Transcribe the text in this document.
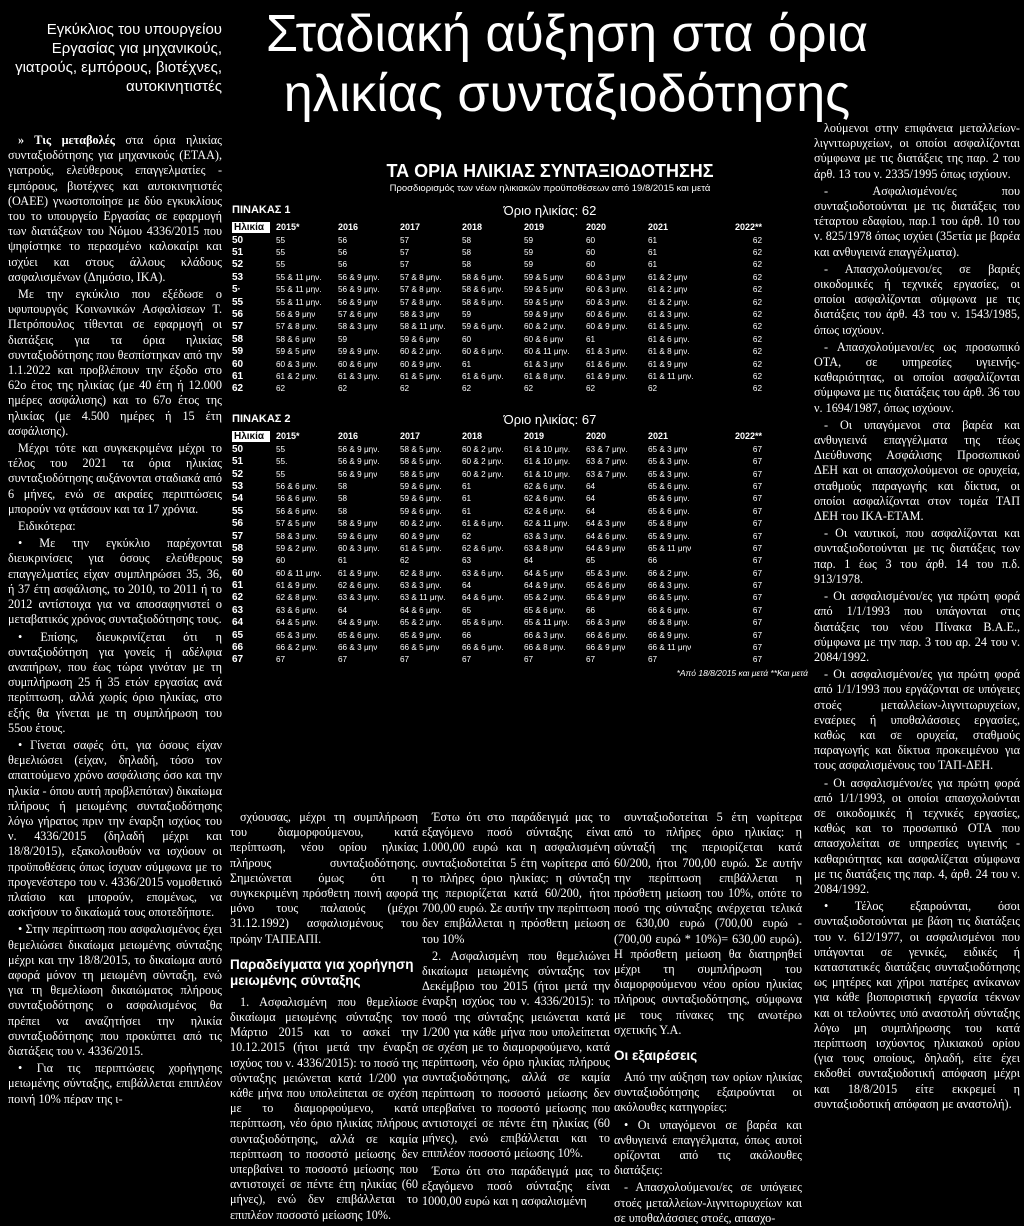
Εγκύκλιος του υπουργείου Εργασίας για μηχανικούς, γιατρούς, εμπόρους, βιοτέχνες, αυτοκινητιστές
Σταδιακή αύξηση στα όρια ηλικίας συνταξιοδότησης

» Τις μεταβολές στα όρια ηλικίας συνταξιοδότησης για μηχανικούς (ΕΤΑΑ), γιατρούς, ελεύθερους επαγγελματίες - εμπόρους, βιοτέχνες και αυτοκινητιστές (ΟΑΕΕ) γνωστοποίησε με δύο εγκυκλίους του το υπουργείο Εργασίας σε εφαρμογή των διατάξεων του Νόμου 4336/2015 που ψηφίστηκε το περασμένο καλοκαίρι και ισχύει και στους άλλους κλάδους ασφαλισμένων (Δημόσιο, ΙΚΑ).

Με την εγκύκλιο που εξέδωσε ο υφυπουργός Κοινωνικών Ασφαλίσεων Τ. Πετρόπουλος τίθενται σε εφαρμογή οι διατάξεις για τα όρια ηλικίας συνταξιοδότησης που θεσπίστηκαν από την 1.1.2022 και προβλέπουν την έξοδο στο 62ο έτος της ηλικίας (με 40 έτη ή 12.000 ημέρες ασφάλισης) και το 67ο έτος της ηλικίας (με 4.500 ημέρες ή 15 έτη ασφάλισης).

Μέχρι τότε και συγκεκριμένα μέχρι το τέλος του 2021 τα όρια ηλικίας συνταξιοδότησης αυξάνονται σταδιακά από 6 μήνες, ενώ σε ακραίες περιπτώσεις μπορούν να φτάσουν και τα 17 χρόνια.

Ειδικότερα:

• Με την εγκύκλιο παρέχονται διευκρινίσεις για όσους ελεύθερους επαγγελματίες είχαν συμπληρώσει 35, 36, ή 37 έτη ασφάλισης, το 2010, το 2011 ή το 2012 αντίστοιχα για να αποσαφηνιστεί ο μεταβατικός χρόνος συνταξιοδότησης τους.

• Επίσης, διευκρινίζεται ότι η συνταξιοδότηση για γονείς ή αδέλφια αναπήρων, που έως τώρα γινόταν με τη συμπλήρωση 25 ή 35 ετών εργασίας ανά περίπτωση, αλλά χωρίς όριο ηλικίας, στο εξής θα γίνεται με τη συμπλήρωση του 55ου έτους.

• Γίνεται σαφές ότι, για όσους είχαν θεμελιώσει (είχαν, δηλαδή, τόσο τον απαιτούμενο χρόνο ασφάλισης όσο και την ηλικία - όπου αυτή προβλεπόταν) δικαίωμα πλήρους ή μειωμένης συνταξιοδότησης λόγω γήρατος πριν την έναρξη ισχύος του ν. 4336/2015 (δηλαδή μέχρι και 18/8/2015), εξακολουθούν να ισχύουν οι προϋποθέσεις όπως ίσχυαν σύμφωνα με το προγενέστερο του ν. 4336/2015 νομοθετικό πλαίσιο και μπορούν, επομένως, να ασκήσουν το δικαίωμά τους οποτεδήποτε.

• Στην περίπτωση που ασφαλισμένος έχει θεμελιώσει δικαίωμα μειωμένης σύνταξης μέχρι και την 18/8/2015, το δικαίωμα αυτό αφορά μόνον τη μειωμένη σύνταξη, ενώ για τη θεμελίωση δικαιώματος πλήρους συνταξιοδότησης ο ασφαλισμένος θα πρέπει να αναζητήσει την ηλικία συνταξιοδότησης που προκύπτει από τις διατάξεις του ν. 4336/2015.

• Για τις περιπτώσεις χορήγησης μειωμένης σύνταξης, επιβάλλεται επιπλέον ποινή 10% πέραν της ι-

ΤΑ ΟΡΙΑ ΗΛΙΚΙΑΣ ΣΥΝΤΑΞΙΟΔΟΤΗΣΗΣ
Προσδιορισμός των νέων ηλικιακών προϋποθέσεων από 19/8/2015 και μετά
ΠΙΝΑΚΑΣ 1	Όριο ηλικίας: 62
Ηλικία	2015*	2016	2017	2018	2019	2020	2021	2022**
50	55	56	57	58	59	60	61	62
51	55	56	57	58	59	60	61	62
52	55	56	57	58	59	60	61	62
53	55 & 11 μην.	56 & 9 μην.	57 & 8 μην.	58 & 6 μην.	59 & 5 μην	60 & 3 μην	61 & 2 μην	62
5·	55 & 11 μην.	56 & 9 μην.	57 & 8 μην.	58 & 6 μην.	59 & 5 μην	60 & 3 μην.	61 & 2 μην	62
55	55 & 11 μην.	56 & 9 μην	57 & 8 μην.	58 & 6 μην.	59 & 5 μην	60 & 3 μην.	61 & 2 μην.	62
56	56 & 9 μην	57 & 6 μην	58 & 3 μην	59	59 & 9 μην	60 & 6 μην.	61 & 3 μην.	62
57	57 & 8 μην.	58 & 3 μην	58 & 11 μην.	59 & 6 μην.	60 & 2 μην.	60 & 9 μην.	61 & 5 μην.	62
58	58 & 6 μην	59	59 & 6 μην	60	60 & 6 μην	61	61 & 6 μην.	62
59	59 & 5 μην	59 & 9 μην.	60 & 2 μην.	60 & 6 μην.	60 & 11 μην.	61 & 3 μην.	61 & 8 μην.	62
60	60 & 3 μην.	60 & 6 μην	60 & 9 μην.	61	61 & 3 μην	61 & 6 μην.	61 & 9 μην	62
61	61 & 2 μην.	61 & 3 μην.	61 & 5 μην.	61 & 6 μην.	61 & 8 μην.	61 & 9 μην.	61 & 11 μην.	62
62	62	62	62	62	62	62	62	62
ΠΙΝΑΚΑΣ 2	Όριο ηλικίας: 67
Ηλικία	2015*	2016	2017	2018	2019	2020	2021	2022**
50	55	56 & 9 μην.	58 & 5 μην.	60 & 2 μην.	61 & 10 μην.	63 & 7 μην.	65 & 3 μην	67
51	55.	56 & 9 μην.	58 & 5 μην.	60 & 2 μην.	61 & 10 μην.	63 & 7 μην.	65 & 3 μην.	67
52	55	56 & 9 μην	58 & 5 μην	60 & 2 μην.	61 & 10 μην.	63 & 7 μην.	65 & 3 μην.	67
53	56 & 6 μην.	58	59 & 6 μην.	61	62 & 6 μην.	64	65 & 6 μην.	67
54	56 & 6 μην.	58	59 & 6 μην.	61	62 & 6 μην.	64	65 & 6 μην.	67
55	56 & 6 μην.	58	59 & 6 μην.	61	62 & 6 μην.	64	65 & 6 μην.	67
56	57 & 5 μην	58 & 9 μην	60 & 2 μην.	61 & 6 μην.	62 & 11 μην.	64 & 3 μην	65 & 8 μην	67
57	58 & 3 μην.	59 & 6 μην	60 & 9 μην	62	63 & 3 μην.	64 & 6 μην.	65 & 9 μην.	67
58	59 & 2 μην.	60 & 3 μην.	61 & 5 μην.	62 & 6 μην.	63 & 8 μην	64 & 9 μην	65 & 11 μην	67
59	60	61	62	63	64	65	66	67
60	60 & 11 μην.	61 & 9 μην.	62 & 8 μην.	63 & 6 μην.	64 & 5 μην	65 & 3 μην.	66 & 2 μην.	67
61	61 & 9 μην.	62 & 6 μην.	63 & 3 μην.	64	64 & 9 μην.	65 & 6 μην	66 & 3 μην.	67
62	62 & 8 μην.	63 & 3 μην.	63 & 11 μην.	64 & 6 μην.	65 & 2 μην.	65 & 9 μην	66 & 5 μην.	67
63	63 & 6 μην.	64	64 & 6 μην.	65	65 & 6 μην.	66	66 & 6 μην.	67
64	64 & 5 μην.	64 & 9 μην.	65 & 2 μην.	65 & 6 μην.	65 & 11 μην.	66 & 3 μην	66 & 8 μην.	67
65	65 & 3 μην.	65 & 6 μην.	65 & 9 μην.	66	66 & 3 μην.	66 & 6 μην.	66 & 9 μην.	67
66	66 & 2 μην.	66 & 3 μην	66 & 5 μην	66 & 6 μην.	66 & 8 μην.	66 & 9 μην	66 & 11 μην	67
67	67	67	67	67	67	67	67	67
*Από 18/8/2015 και μετά **Και μετά

σχύουσας, μέχρι τη συμπλήρωση του διαμορφούμενου, κατά περίπτωση, νέου ορίου ηλικίας πλήρους συνταξιοδότησης. Σημειώνεται όμως ότι η συγκεκριμένη πρόσθετη ποινή αφορά μόνο τους παλαιούς (μέχρι 31.12.1992) ασφαλισμένους του πρώην ΤΑΠΕΑΠΙ.

Παραδείγματα για χορήγηση μειωμένης σύνταξης

1. Ασφαλισμένη που θεμελίωσε δικαίωμα μειωμένης σύνταξης τον Μάρτιο 2015 και το ασκεί την 10.12.2015 (ήτοι μετά την έναρξη ισχύος του ν. 4336/2015): το ποσό της σύνταξης μειώνεται κατά 1/200 για κάθε μήνα που υπολείπεται σε σχέση με το διαμορφούμενο, κατά περίπτωση, νέο όριο ηλικίας πλήρους συνταξιοδότησης, αλλά σε καμία περίπτωση το ποσοστό μείωσης δεν υπερβαίνει το ποσοστό μείωσης που αντιστοιχεί σε πέντε έτη ηλικίας (60 μήνες), ενώ δεν επιβάλλεται το επιπλέον ποσοστό μείωσης 10%.

Έστω ότι στο παράδειγμά μας το εξαγόμενο ποσό σύνταξης είναι 1.000,00 ευρώ και η ασφαλισμένη συνταξιοδοτείται 5 έτη νωρίτερα από το πλήρες όριο ηλικίας: η σύνταξη της περιορίζεται κατά 60/200, ήτοι 700,00 ευρώ. Σε αυτήν την περίπτωση δεν επιβάλλεται η πρόσθετη μείωση του 10%

2. Ασφαλισμένη που θεμελιώνει δικαίωμα μειωμένης σύνταξης τον Δεκέμβριο του 2015 (ήτοι μετά την έναρξη ισχύος του ν. 4336/2015): το ποσό της σύνταξης μειώνεται κατά 1/200 για κάθε μήνα που υπολείπεται σε σχέση με το διαμορφούμενο, κατά περίπτωση, νέο όριο ηλικίας πλήρους συνταξιοδότησης, αλλά σε καμία περίπτωση το ποσοστό μείωσης δεν υπερβαίνει το ποσοστό μείωσης που αντιστοιχεί σε πέντε έτη ηλικίας (60 μήνες), ενώ επιβάλλεται και το επιπλέον ποσοστό μείωσης 10%.

Έστω ότι στο παράδειγμά μας το εξαγόμενο ποσό σύνταξης είναι 1000,00 ευρώ και η ασφαλισμένη

συνταξιοδοτείται 5 έτη νωρίτερα από το πλήρες όριο ηλικίας: η σύνταξή της περιορίζεται κατά 60/200, ήτοι 700,00 ευρώ. Σε αυτήν την περίπτωση επιβάλλεται η πρόσθετη μείωση του 10%, οπότε το ποσό της σύνταξης ανέρχεται τελικά σε 630,00 ευρώ (700,00 ευρώ - (700,00 ευρώ * 10%)= 630,00 ευρώ). Η πρόσθετη μείωση θα διατηρηθεί μέχρι τη συμπλήρωση του διαμορφούμενου νέου ορίου ηλικίας πλήρους συνταξιοδότησης, σύμφωνα με τους πίνακες της ανωτέρω σχετικής Υ.Α.

Οι εξαιρέσεις

Από την αύξηση των ορίων ηλικίας συνταξιοδότησης εξαιρούνται οι ακόλουθες κατηγορίες:

• Οι υπαγόμενοι σε βαρέα και ανθυγιεινά επαγγέλματα, όπως αυτοί ορίζονται από τις ακόλουθες διατάξεις:

- Απασχολούμενοι/ες σε υπόγειες στοές μεταλλείων-λιγνιτωρυχείων και σε υποθαλάσσιες στοές, απασχο-

λούμενοι στην επιφάνεια μεταλλείων-λιγνιτωρυχείων, οι οποίοι ασφαλίζονται σύμφωνα με τις διατάξεις της παρ. 2 του άρθ. 13 του ν. 2335/1995 όπως ισχύουν.

- Ασφαλισμένοι/ες που συνταξιοδοτούνται με τις διατάξεις του τέταρτου εδαφίου, παρ.1 του άρθ. 10 του ν. 825/1978 όπως ισχύει (35ετία με βαρέα και ανθυγιεινά επαγγέλματα).

- Απασχολούμενοι/ες σε βαριές οικοδομικές ή τεχνικές εργασίες, οι οποίοι ασφαλίζονται σύμφωνα με τις διατάξεις του άρθ. 43 του ν. 1543/1985, όπως ισχύουν.

- Απασχολούμενοι/ες ως προσωπικό ΟΤΑ, σε υπηρεσίες υγιεινής-καθαριότητας, οι οποίοι ασφαλίζονται σύμφωνα με τις διατάξεις του άρθ. 36 του ν. 1694/1987, όπως ισχύουν.

- Οι υπαγόμενοι στα βαρέα και ανθυγιεινά επαγγέλματα της τέως Διεύθυνσης Ασφάλισης Προσωπικού ΔΕΗ και οι απασχολούμενοι σε ορυχεία, σταθμούς παραγωγής και δίκτυα, οι οποίοι ασφαλίζονται στον τομέα ΤΑΠ ΔΕΗ του ΙΚΑ-ΕΤΑΜ.

- Οι ναυτικοί, που ασφαλίζονται και συνταξιοδοτούνται με τις διατάξεις των παρ. 1 έως 3 του άρθ. 14 του π.δ. 913/1978.

- Οι ασφαλισμένοι/ες για πρώτη φορά από 1/1/1993 που υπάγονται στις διατάξεις του νέου Πίνακα Β.Α.Ε., σύμφωνα με την παρ. 3 του αρ. 24 του ν. 2084/1992.

- Οι ασφαλισμένοι/ες για πρώτη φορά από 1/1/1993 που εργάζονται σε υπόγειες στοές μεταλλείων-λιγνιτωρυχείων, εναέριες ή υποθαλάσσιες εργασίες, καθώς και σε ορυχεία, σταθμούς παραγωγής και δίκτυα προκειμένου για τους ασφαλισμένους του ΤΑΠ-ΔΕΗ.

- Οι ασφαλισμένοι/ες για πρώτη φορά από 1/1/1993, οι οποίοι απασχολούνται σε οικοδομικές ή τεχνικές εργασίες, καθώς και το προσωπικό ΟΤΑ που απασχολείται σε υπηρεσίες υγιεινής - καθαριότητας και ασφαλίζεται σύμφωνα με τις διατάξεις της παρ. 4, άρθ. 24 του ν. 2084/1992.

• Τέλος εξαιρούνται, όσοι συνταξιοδοτούνται με βάση τις διατάξεις του ν. 612/1977, οι ασφαλισμένοι που υπάγονται σε γενικές, ειδικές ή καταστατικές διατάξεις συνταξιοδότησης ως μητέρες και χήροι πατέρες ανίκανων για κάθε βιοποριστική εργασία τέκνων και οι τελούντες υπό αναστολή σύνταξης λόγω μη συμπλήρωσης του κατά περίπτωση ισχύοντος ηλικιακού ορίου (για τους οποίους, δηλαδή, είτε έχει εκδοθεί συνταξιοδοτική απόφαση μέχρι και 18/8/2015 είτε εκκρεμεί η συνταξιοδοτική απόφαση με αναστολή).
